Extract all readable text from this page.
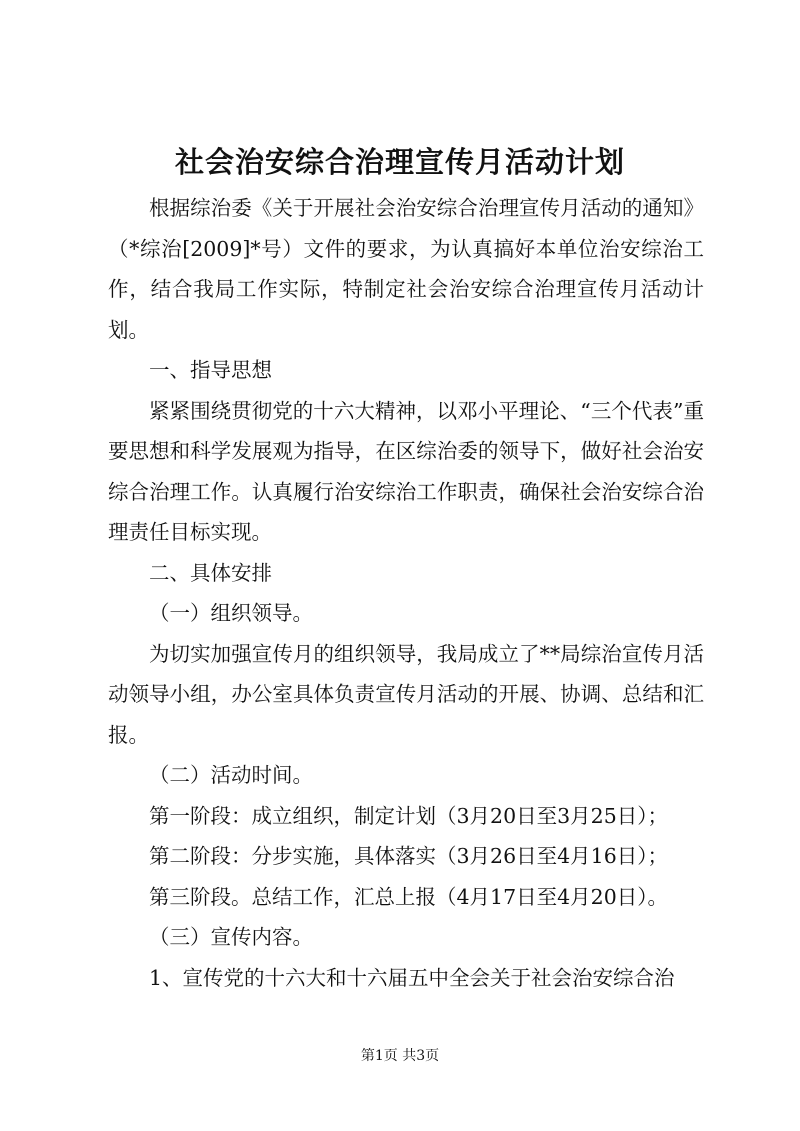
社会治安综合治理宣传月活动计划

根据综治委《关于开展社会治安综合治理宣传月活动的通知》（*综治[2009]*号）文件的要求，为认真搞好本单位治安综治工作，结合我局工作实际，特制定社会治安综合治理宣传月活动计划。

一、指导思想

紧紧围绕贯彻党的十六大精神，以邓小平理论、“三个代表”重要思想和科学发展观为指导，在区综治委的领导下，做好社会治安综合治理工作。认真履行治安综治工作职责，确保社会治安综合治理责任目标实现。

二、具体安排

（一）组织领导。

为切实加强宣传月的组织领导，我局成立了**局综治宣传月活动领导小组，办公室具体负责宣传月活动的开展、协调、总结和汇报。

（二）活动时间。

第一阶段：成立组织，制定计划（3月20日至3月25日）；

第二阶段：分步实施，具体落实（3月26日至4月16日）；

第三阶段。总结工作，汇总上报（4月17日至4月20日）。

（三）宣传内容。

1、宣传党的十六大和十六届五中全会关于社会治安综合治

第1页 共3页
